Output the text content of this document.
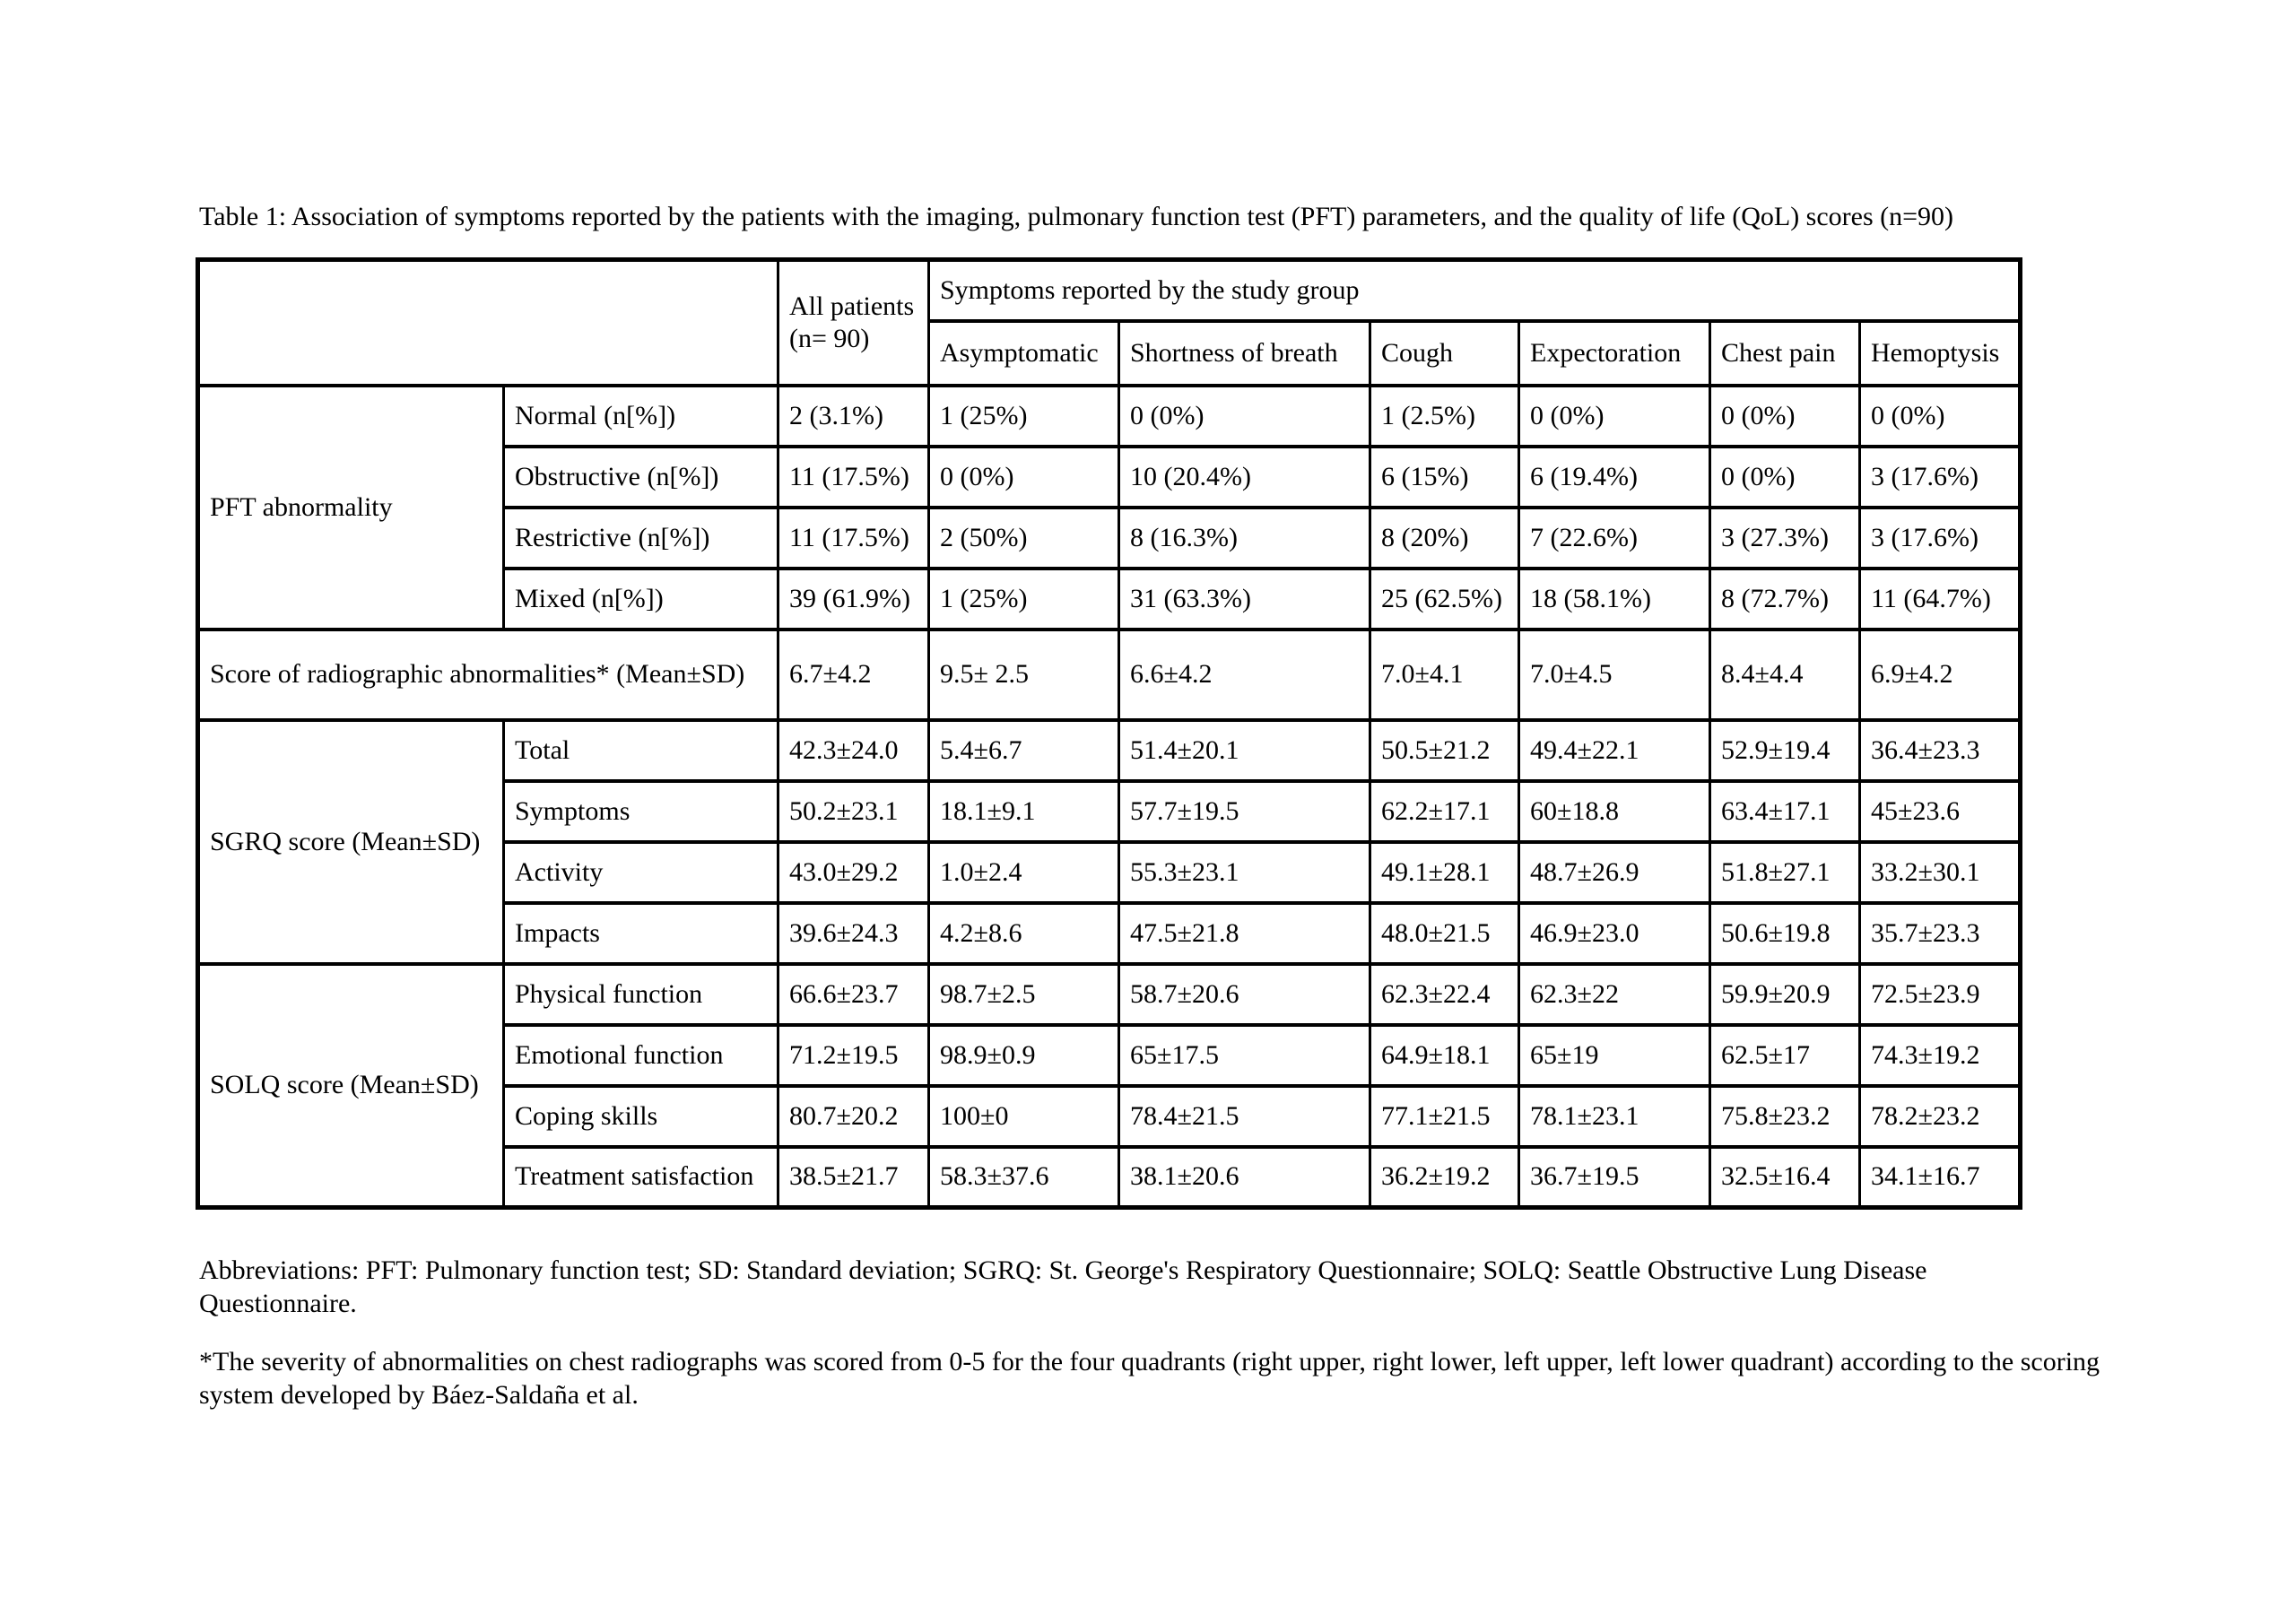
Table 1: Association of symptoms reported by the patients with the imaging, pulmonary function test (PFT) parameters, and the quality of life (QoL) scores (n=90)
		All patients (n= 90)	Symptoms reported by the study group					
			Asymptomatic	Shortness of breath	Cough	Expectoration	Chest pain	Hemoptysis
PFT abnormality	Normal (n[%])	2 (3.1%)	1 (25%)	0 (0%)	1 (2.5%)	0 (0%)	0 (0%)	0 (0%)
	Obstructive (n[%])	11 (17.5%)	0 (0%)	10 (20.4%)	6 (15%)	6 (19.4%)	0 (0%)	3 (17.6%)
	Restrictive (n[%])	11 (17.5%)	2 (50%)	8 (16.3%)	8 (20%)	7 (22.6%)	3 (27.3%)	3 (17.6%)
	Mixed (n[%])	39 (61.9%)	1 (25%)	31 (63.3%)	25 (62.5%)	18 (58.1%)	8 (72.7%)	11 (64.7%)
Score of radiographic abnormalities* (Mean±SD)		6.7±4.2	9.5± 2.5	6.6±4.2	7.0±4.1	7.0±4.5	8.4±4.4	6.9±4.2
SGRQ score (Mean±SD)	Total	42.3±24.0	5.4±6.7	51.4±20.1	50.5±21.2	49.4±22.1	52.9±19.4	36.4±23.3
	Symptoms	50.2±23.1	18.1±9.1	57.7±19.5	62.2±17.1	60±18.8	63.4±17.1	45±23.6
	Activity	43.0±29.2	1.0±2.4	55.3±23.1	49.1±28.1	48.7±26.9	51.8±27.1	33.2±30.1
	Impacts	39.6±24.3	4.2±8.6	47.5±21.8	48.0±21.5	46.9±23.0	50.6±19.8	35.7±23.3
SOLQ score (Mean±SD)	Physical function	66.6±23.7	98.7±2.5	58.7±20.6	62.3±22.4	62.3±22	59.9±20.9	72.5±23.9
	Emotional function	71.2±19.5	98.9±0.9	65±17.5	64.9±18.1	65±19	62.5±17	74.3±19.2
	Coping skills	80.7±20.2	100±0	78.4±21.5	77.1±21.5	78.1±23.1	75.8±23.2	78.2±23.2
	Treatment satisfaction	38.5±21.7	58.3±37.6	38.1±20.6	36.2±19.2	36.7±19.5	32.5±16.4	34.1±16.7
Abbreviations: PFT: Pulmonary function test; SD: Standard deviation; SGRQ: St. George's Respiratory Questionnaire; SOLQ: Seattle Obstructive Lung Disease Questionnaire.
*The severity of abnormalities on chest radiographs was scored from 0-5 for the four quadrants (right upper, right lower, left upper, left lower quadrant) according to the scoring system developed by Báez-Saldaña et al.
